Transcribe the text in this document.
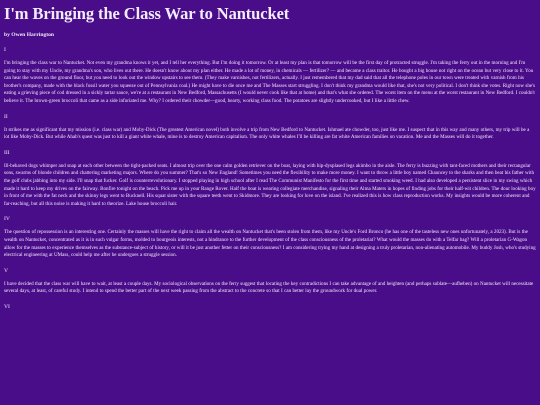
I'm Bringing the Class War to Nantucket

by Owen Harrington

I

I'm bringing the class war to Nantucket. Not even my grandma knows it yet, and I tell her everything. But I'm doing it tomorrow. Or at least my plan is that tomorrow will be the first day of protracted struggle. I'm taking the ferry out in the morning and I'm going to stay with my Uncle, my grandma's son, who lives out there. He doesn't know about my plan either. He made a lot of money, in chemicals — fertilizer? — and became a class traitor. He bought a big house not right on the ocean but very close to it. You can hear the waves on the ground floor, but you need to look out the window upstairs to see them. (They make varnishes, not fertilizers, actually. I just remembered that my dad said that all the telephone poles in our town were treated with varnish from his brother's company, made with the black fossil water you squeeze out of Pennsylvania coal.) He might have to die once me and The Masses start struggling. I don't think my grandma would like that, she's not very political. I don't think she votes. Right now she's eating a grieving piece of cod dressed in a sickly tartar sauce, we're at a restaurant in New Bedford, Massachusetts (I would never cook like that at home) and that's what she ordered. The worst item on the menu at the worst restaurant in New Bedford. I couldn't believe it. The brown-green broccoli that came as a side infuriated me. Why? I ordered their chowder—good, hearty, working class food. The potatoes are slightly undercooked, but I like a little chew.

II

It strikes me as significant that my mission (i.e. class war) and Moby-Dick (The greatest American novel) both involve a trip from New Bedford to Nantucket. Ishmael ate chowder, too, just like me. I suspect that in this way and many others, my trip will be a lot like Moby-Dick. But while Ahab's quest was just to kill a giant white whale, mine is to destroy American capitalism. The only white whales I'll be killing are fat white American families on vacation. Me and the Masses will do it together.

III

Ill-behaved dogs whimper and snap at each other between the tight-packed seats. I almost trip over the one calm golden retriever on the boat, laying with hip-dysplased legs akimbo in the aisle. The ferry is buzzing with tant-faced mothers and their rectangular sons, swarms of blonde children and chattering marketing majors. Where do you summer? That's so New England! Sometimes you need the flexibility to make more money. I want to throw a little boy named Chauncey to the sharks and then beat his father with the golf clubs jabbing into my side. I'll snap that fucker. Golf is counterrevolutionary. I stopped playing in high school after I read The Communist Manifesto for the first time and started smoking weed. I had also developed a persistent slice in my swing which made it hard to keep my drives on the fairway. Bonfire tonight on the beach. Pick me up in your Range Rover. Half the boat is wearing collegiate merchandise, signaling their Alma Maters in hopes of finding jobs for their half-wit children. The dour looking boy in front of me with the fat neck and the skinny legs went to Bucknell. His squat sister with the square teeth went to Skidmore. They are looking for love on the island. I've realized this is how class reproduction works. My insights would be more coherent and far-reaching, but all this noise is making it hard to theorize. Lake house broccoli hair.

IV

The question of repossession is an interesting one. Certainly the masses will have the right to claim all the wealth on Nantucket that's been stolen from them, like my Uncle's Ford Bronco (he has one of the tasteless new ones unfortunately, a 2023). But is the wealth on Nantucket, concentrated as it is in such vulgar forms, molded to bourgeois interests, not a hindrance to the further development of the class consciousness of the proletariat? What would the masses do with a Telfar bag? Will a proletarian G-Wagon allow for the masses to experience themselves as the substance-subject of history, or will it be just another fetter on their consciousness? I am considering trying my hand at designing a truly proletarian, non-alienating automobile. My buddy Josh, who's studying electrical engineering at UMass, could help me after he undergoes a struggle session.

V

I have decided that the class war will have to wait, at least a couple days. My sociological observations on the ferry suggest that locating the key contradictions I can take advantage of and heighten (and perhaps sublate—aufheben) on Nantucket will necessitate several days, at least, of careful study. I intend to spend the better part of the next week passing from the abstract to the concrete so that I can better lay the groundwork for dual power.

VI
